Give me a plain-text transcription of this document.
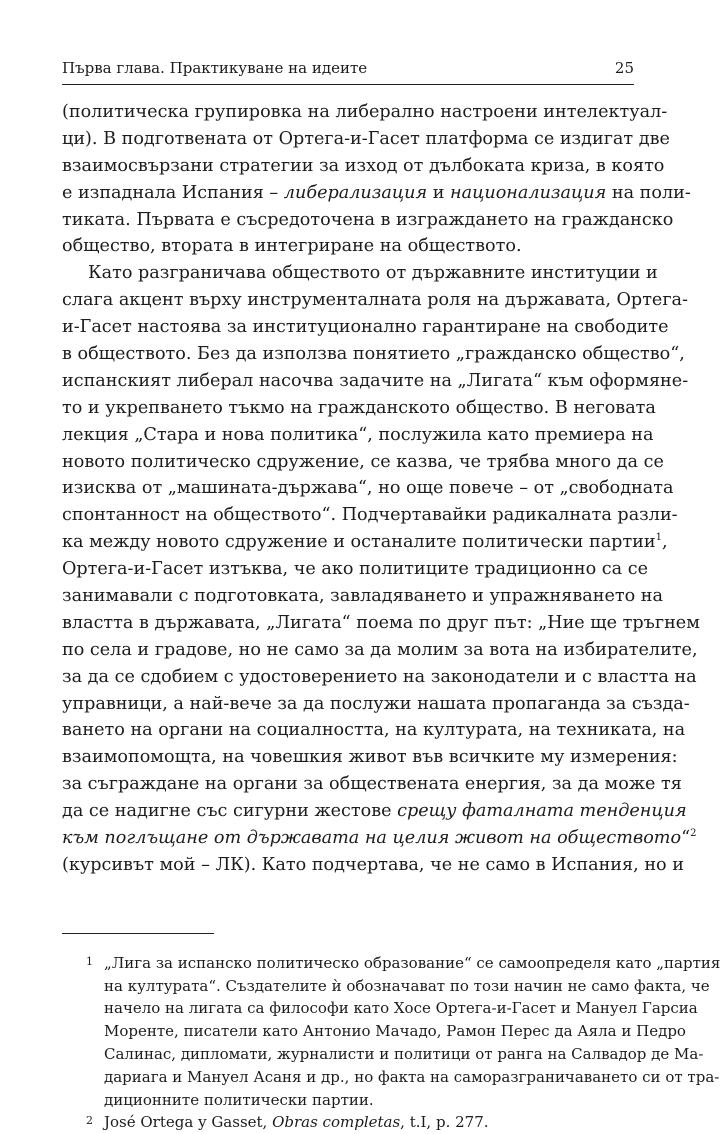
Първа глава. Практикуване на идеите	25
(политическа групировка на либерално настроени интелектуал-
ци). В подготвената от Ортега-и-Гасет платформа се издигат две
взаимосвързани стратегии за изход от дълбоката криза, в която
е изпаднала Испания – либерализация и национализация на поли-
тиката. Първата е съсредоточена в изграждането на гражданско
общество, втората в интегриране на обществото.
Като разграничава обществото от държавните институции и
слага акцент върху инструменталната роля на държавата, Ортега-
и-Гасет настоява за институционално гарантиране на свободите
в обществото. Без да използва понятието „гражданско общество“,
испанският либерал насочва задачите на „Лигата“ към оформяне-
то и укрепването тъкмо на гражданското общество. В неговата
лекция „Стара и нова политика“, послужила като премиера на
новото политическо сдружение, се казва, че трябва много да се
изисква от „машината-държава“, но още повече – от „свободната
спонтанност на обществото“. Подчертавайки радикалната разли-
ка между новото сдружение и останалите политически партии$^1$,
Ортега-и-Гасет изтъква, че ако политиците традиционно са се
занимавали с подготовката, завладяването и упражняването на
властта в държавата, „Лигата“ поема по друг път: „Ние ще тръгнем
по села и градове, но не само за да молим за вота на избирателите,
за да се сдобием с удостоверението на законодатели и с властта на
управници, а най-вече за да послужи нашата пропаганда за създа-
ването на органи на социалността, на културата, на техниката, на
взаимопомощта, на човешкия живот във всичките му измерения:
за съграждане на органи за обществената енергия, за да може тя
да се надигне със сигурни жестове срещу фаталната тенденция
към поглъщане от държавата на целия живот на обществото“$^2$
(курсивът мой – ЛК). Като подчертава, че не само в Испания, но и
1 „Лига за испанско политическо образование“ се самоопределя като „партия
на културата“. Създателите ѝ обозначават по този начин не само факта, че
начело на лигата са философи като Хосе Ортега-и-Гасет и Мануел Гарсиа
Моренте, писатели като Антонио Мачадо, Рамон Перес да Аяла и Педро
Салинас, дипломати, журналисти и политици от ранга на Салвадор де Ма-
дариага и Мануел Асаня и др., но факта на саморазграничаването си от тра-
диционните политически партии.
2 José Ortega y Gasset, Obras completas, t.I, p. 277.
